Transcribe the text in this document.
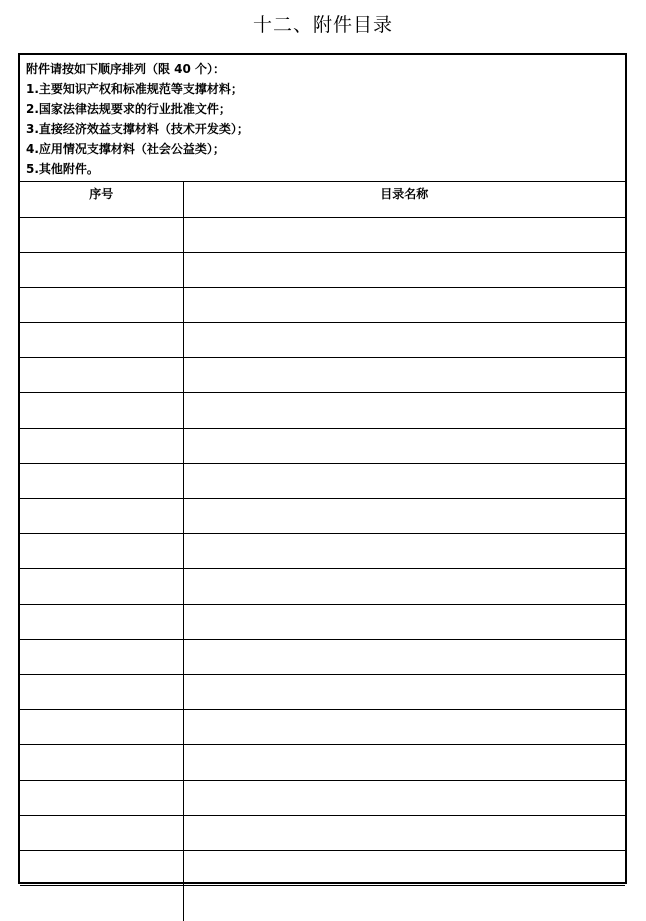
十二、附件目录
附件请按如下顺序排列（限 40 个）：
1.主要知识产权和标准规范等支撑材料；
2.国家法律法规要求的行业批准文件；
3.直接经济效益支撑材料（技术开发类）；
4.应用情况支撑材料（社会公益类）；
5.其他附件。
序号	目录名称
